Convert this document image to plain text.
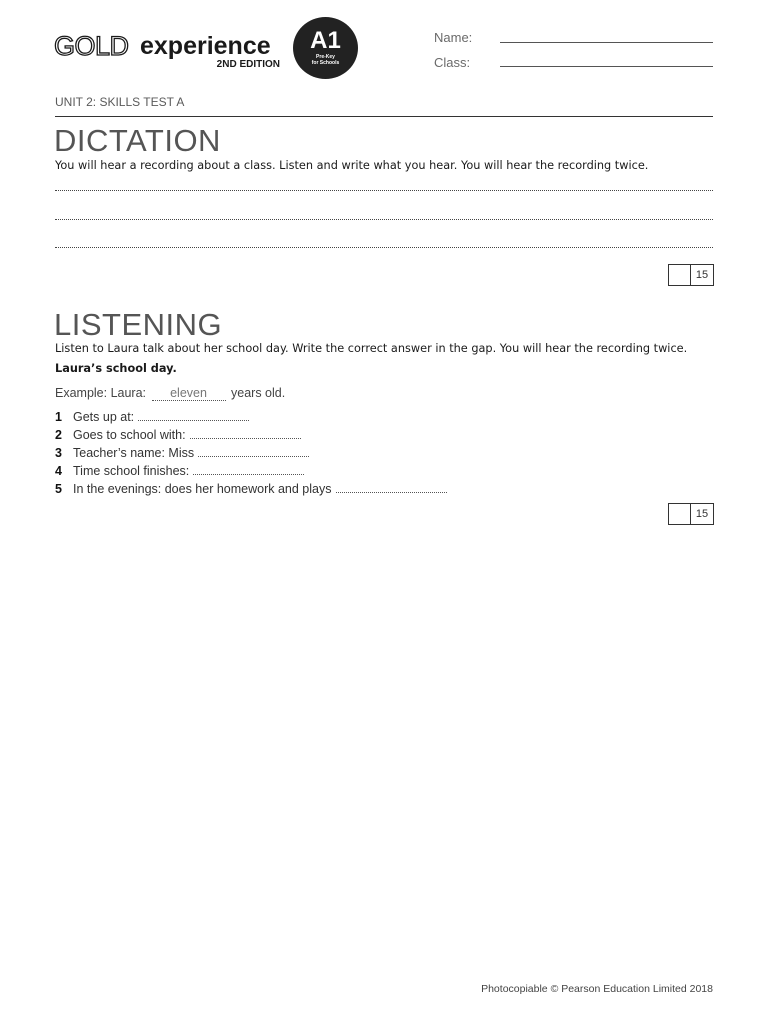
GOLD experience
2ND EDITION
A1
Pre-Key
for Schools
Name:
Class:
UNIT 2: SKILLS TEST A
DICTATION
You will hear a recording about a class. Listen and write what you hear. You will hear the recording twice.
15
LISTENING
Listen to Laura talk about her school day. Write the correct answer in the gap. You will hear the recording twice.
Laura’s school day.
Example: Laura: eleven years old.
1 Gets up at:
2 Goes to school with:
3 Teacher’s name: Miss
4 Time school finishes:
5 In the evenings: does her homework and plays
15
Photocopiable © Pearson Education Limited 2018
